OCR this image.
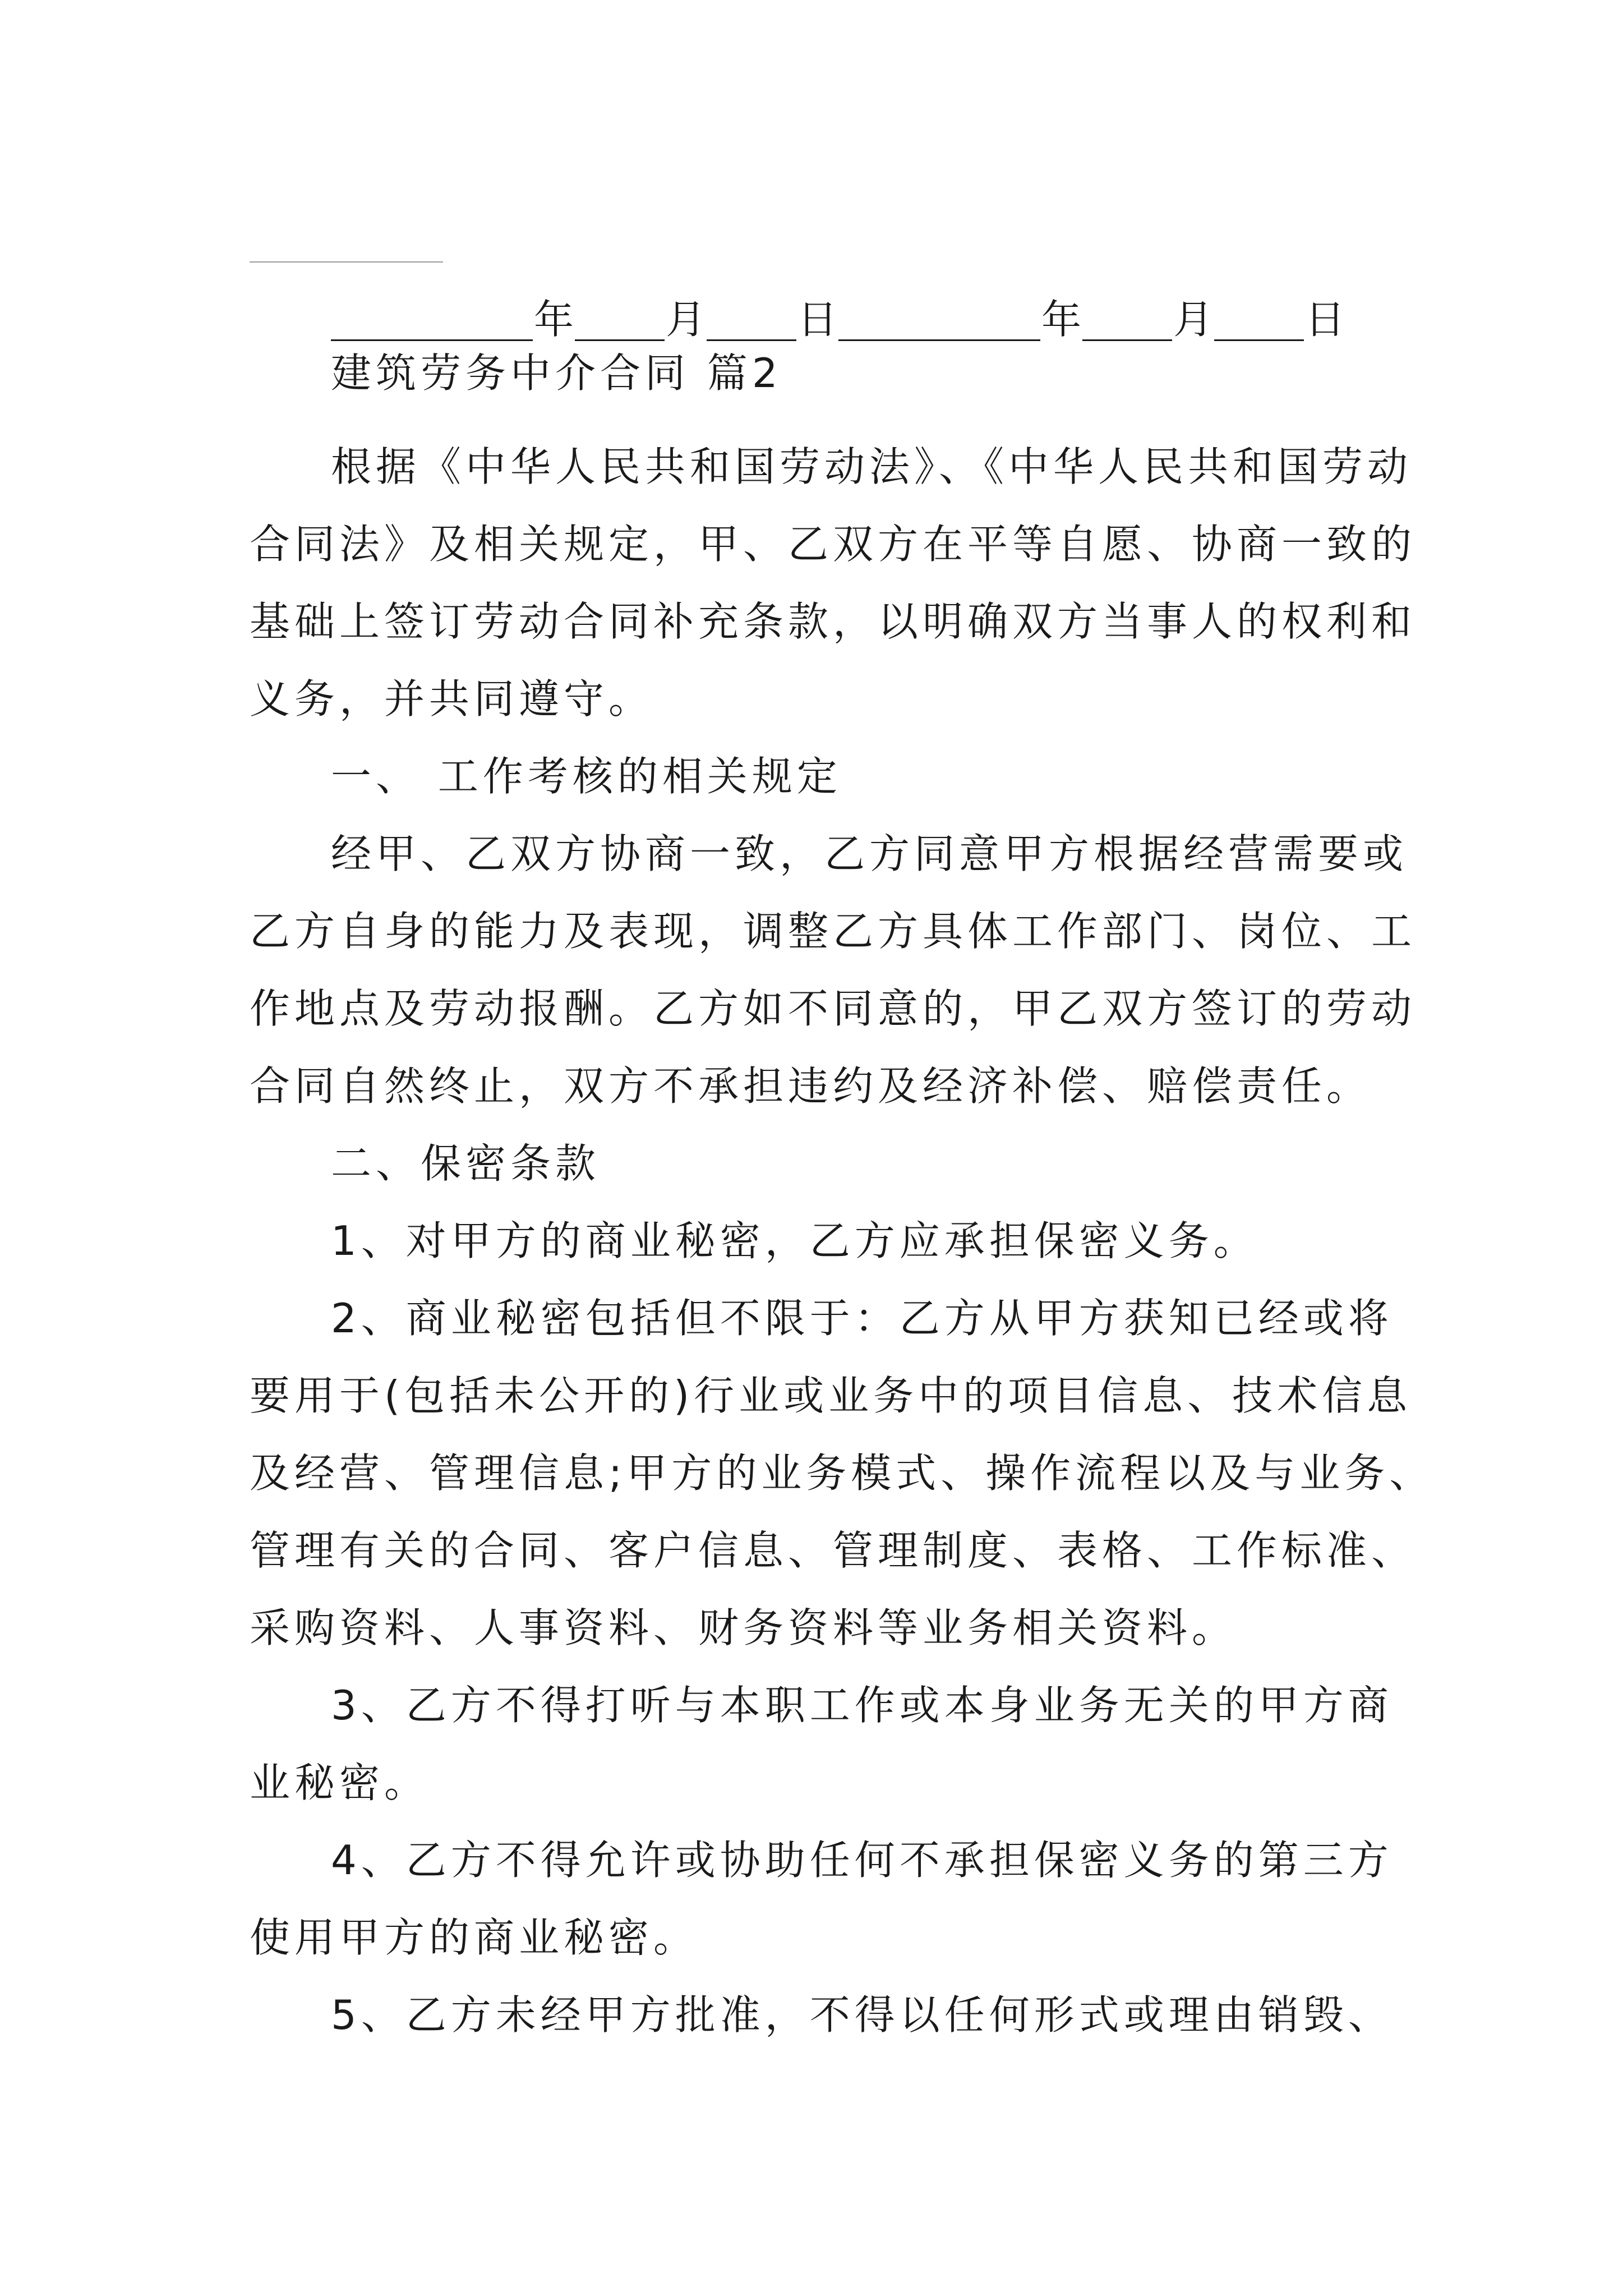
年 月 日	年 月 日
建筑劳务中介合同 篇2
根据《中华人民共和国劳动法》、《中华人民共和国劳动
合同法》及相关规定，甲、乙双方在平等自愿、协商一致的
基础上签订劳动合同补充条款，以明确双方当事人的权利和
义务，并共同遵守。
一、 工作考核的相关规定
经甲、乙双方协商一致，乙方同意甲方根据经营需要或
乙方自身的能力及表现，调整乙方具体工作部门、岗位、工
作地点及劳动报酬。乙方如不同意的，甲乙双方签订的劳动
合同自然终止，双方不承担违约及经济补偿、赔偿责任。
二、保密条款
1、对甲方的商业秘密，乙方应承担保密义务。
2、商业秘密包括但不限于：乙方从甲方获知已经或将
要用于(包括未公开的)行业或业务中的项目信息、技术信息
及经营、管理信息;甲方的业务模式、操作流程以及与业务、
管理有关的合同、客户信息、管理制度、表格、工作标准、
采购资料、人事资料、财务资料等业务相关资料。
3、乙方不得打听与本职工作或本身业务无关的甲方商
业秘密。
4、乙方不得允许或协助任何不承担保密义务的第三方
使用甲方的商业秘密。
5、乙方未经甲方批准，不得以任何形式或理由销毁、
